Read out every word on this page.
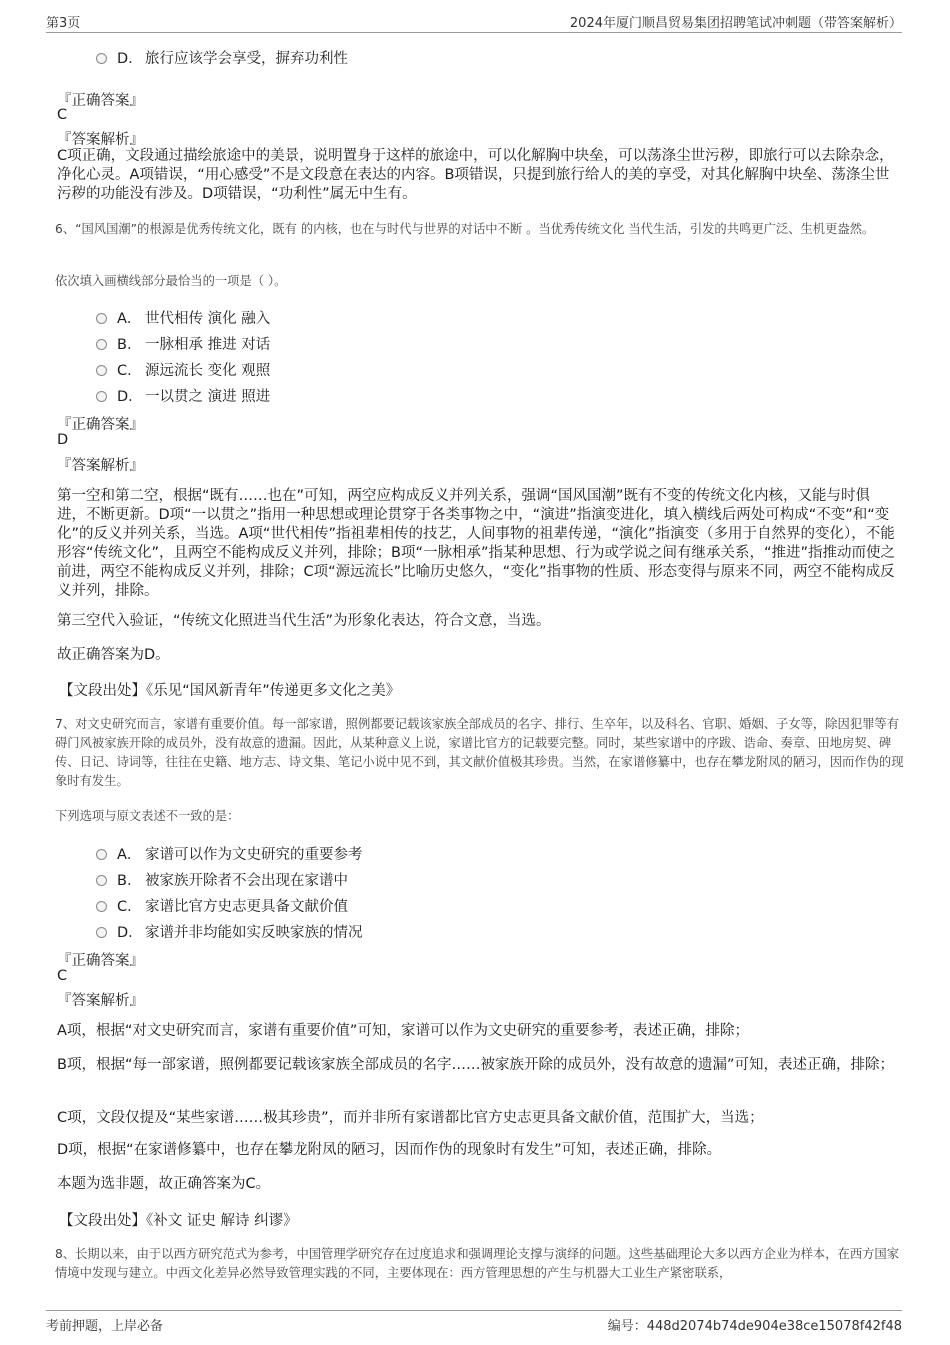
第3页	2024年厦门顺昌贸易集团招聘笔试冲刺题（带答案解析）
D． 旅行应该学会享受，摒弃功利性
『正确答案』
C
『答案解析』
C项正确，文段通过描绘旅途中的美景，说明置身于这样的旅途中，可以化解胸中块垒，可以荡涤尘世污秽，即旅行可以去除杂念，净化心灵。A项错误，“用心感受”不是文段意在表达的内容。B项错误，只提到旅行给人的美的享受，对其化解胸中块垒、荡涤尘世污秽的功能没有涉及。D项错误，“功利性”属无中生有。
6、“国风国潮”的根源是优秀传统文化，既有 的内核，也在与时代与世界的对话中不断 。当优秀传统文化 当代生活，引发的共鸣更广泛、生机更盎然。
依次填入画横线部分最恰当的一项是（ ）。
A． 世代相传 演化 融入
B． 一脉相承 推进 对话
C． 源远流长 变化 观照
D． 一以贯之 演进 照进
『正确答案』
D
『答案解析』
第一空和第二空，根据“既有……也在”可知，两空应构成反义并列关系，强调“国风国潮”既有不变的传统文化内核，又能与时俱进，不断更新。D项“一以贯之”指用一种思想或理论贯穿于各类事物之中，“演进”指演变进化，填入横线后两处可构成“不变”和“变化”的反义并列关系，当选。A项“世代相传”指祖辈相传的技艺，人间事物的祖辈传递，“演化”指演变（多用于自然界的变化），不能形容“传统文化”，且两空不能构成反义并列，排除；B项“一脉相承”指某种思想、行为或学说之间有继承关系，“推进”指推动而使之前进，两空不能构成反义并列，排除；C项“源远流长”比喻历史悠久，“变化”指事物的性质、形态变得与原来不同，两空不能构成反义并列，排除。
第三空代入验证，“传统文化照进当代生活”为形象化表达，符合文意，当选。
故正确答案为D。
【文段出处】《乐见“国风新青年”传递更多文化之美》
7、对文史研究而言，家谱有重要价值。每一部家谱，照例都要记载该家族全部成员的名字、排行、生卒年，以及科名、官职、婚姻、子女等，除因犯罪等有碍门风被家族开除的成员外，没有故意的遗漏。因此，从某种意义上说，家谱比官方的记载要完整。同时，某些家谱中的序跋、诰命、奏章、田地房契、碑传、日记、诗词等，往往在史籍、地方志、诗文集、笔记小说中见不到，其文献价值极其珍贵。当然，在家谱修纂中，也存在攀龙附凤的陋习，因而作伪的现象时有发生。
下列选项与原文表述不一致的是：
A． 家谱可以作为文史研究的重要参考
B． 被家族开除者不会出现在家谱中
C． 家谱比官方史志更具备文献价值
D． 家谱并非均能如实反映家族的情况
『正确答案』
C
『答案解析』
A项，根据“对文史研究而言，家谱有重要价值”可知，家谱可以作为文史研究的重要参考，表述正确，排除；
B项，根据“每一部家谱，照例都要记载该家族全部成员的名字……被家族开除的成员外，没有故意的遗漏”可知，表述正确，排除；
C项，文段仅提及“某些家谱……极其珍贵”，而并非所有家谱都比官方史志更具备文献价值，范围扩大，当选；
D项，根据“在家谱修纂中，也存在攀龙附凤的陋习，因而作伪的现象时有发生”可知，表述正确，排除。
本题为选非题，故正确答案为C。
【文段出处】《补文 证史 解诗 纠谬》
8、长期以来，由于以西方研究范式为参考，中国管理学研究存在过度追求和强调理论支撑与演绎的问题。这些基础理论大多以西方企业为样本，在西方国家情境中发现与建立。中西文化差异必然导致管理实践的不同，主要体现在：西方管理思想的产生与机器大工业生产紧密联系，
考前押题，上岸必备	编号：448d2074b74de904e38ce15078f42f48
